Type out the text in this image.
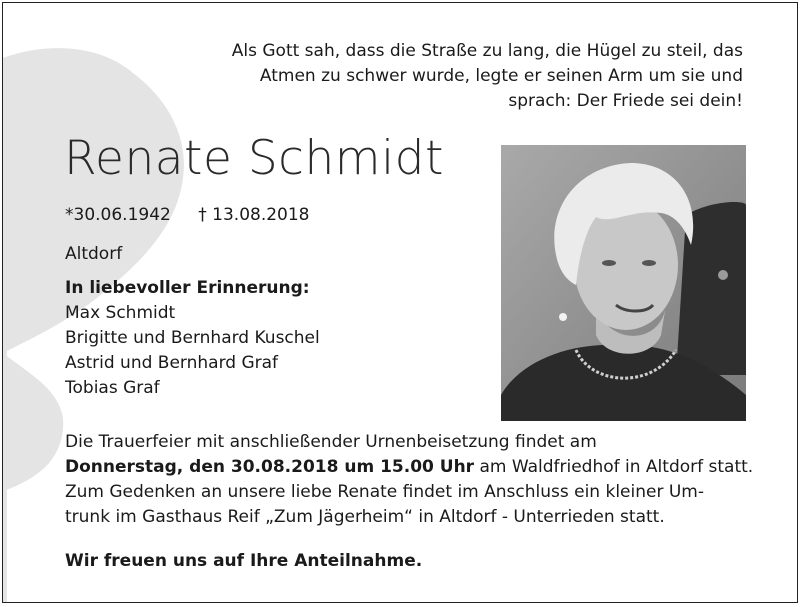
Als Gott sah, dass die Straße zu lang, die Hügel zu steil, das
Atmen zu schwer wurde, legte er seinen Arm um sie und
sprach: Der Friede sei dein!
Renate Schmidt
*30.06.1942 † 13.08.2018
Altdorf
In liebevoller Erinnerung:
Max Schmidt
Brigitte und Bernhard Kuschel
Astrid und Bernhard Graf
Tobias Graf
Die Trauerfeier mit anschließender Urnenbeisetzung findet am
Donnerstag, den 30.08.2018 um 15.00 Uhr am Waldfriedhof in Altdorf statt.
Zum Gedenken an unsere liebe Renate findet im Anschluss ein kleiner Um-
trunk im Gasthaus Reif „Zum Jägerheim“ in Altdorf - Unterrieden statt.
Wir freuen uns auf Ihre Anteilnahme.
